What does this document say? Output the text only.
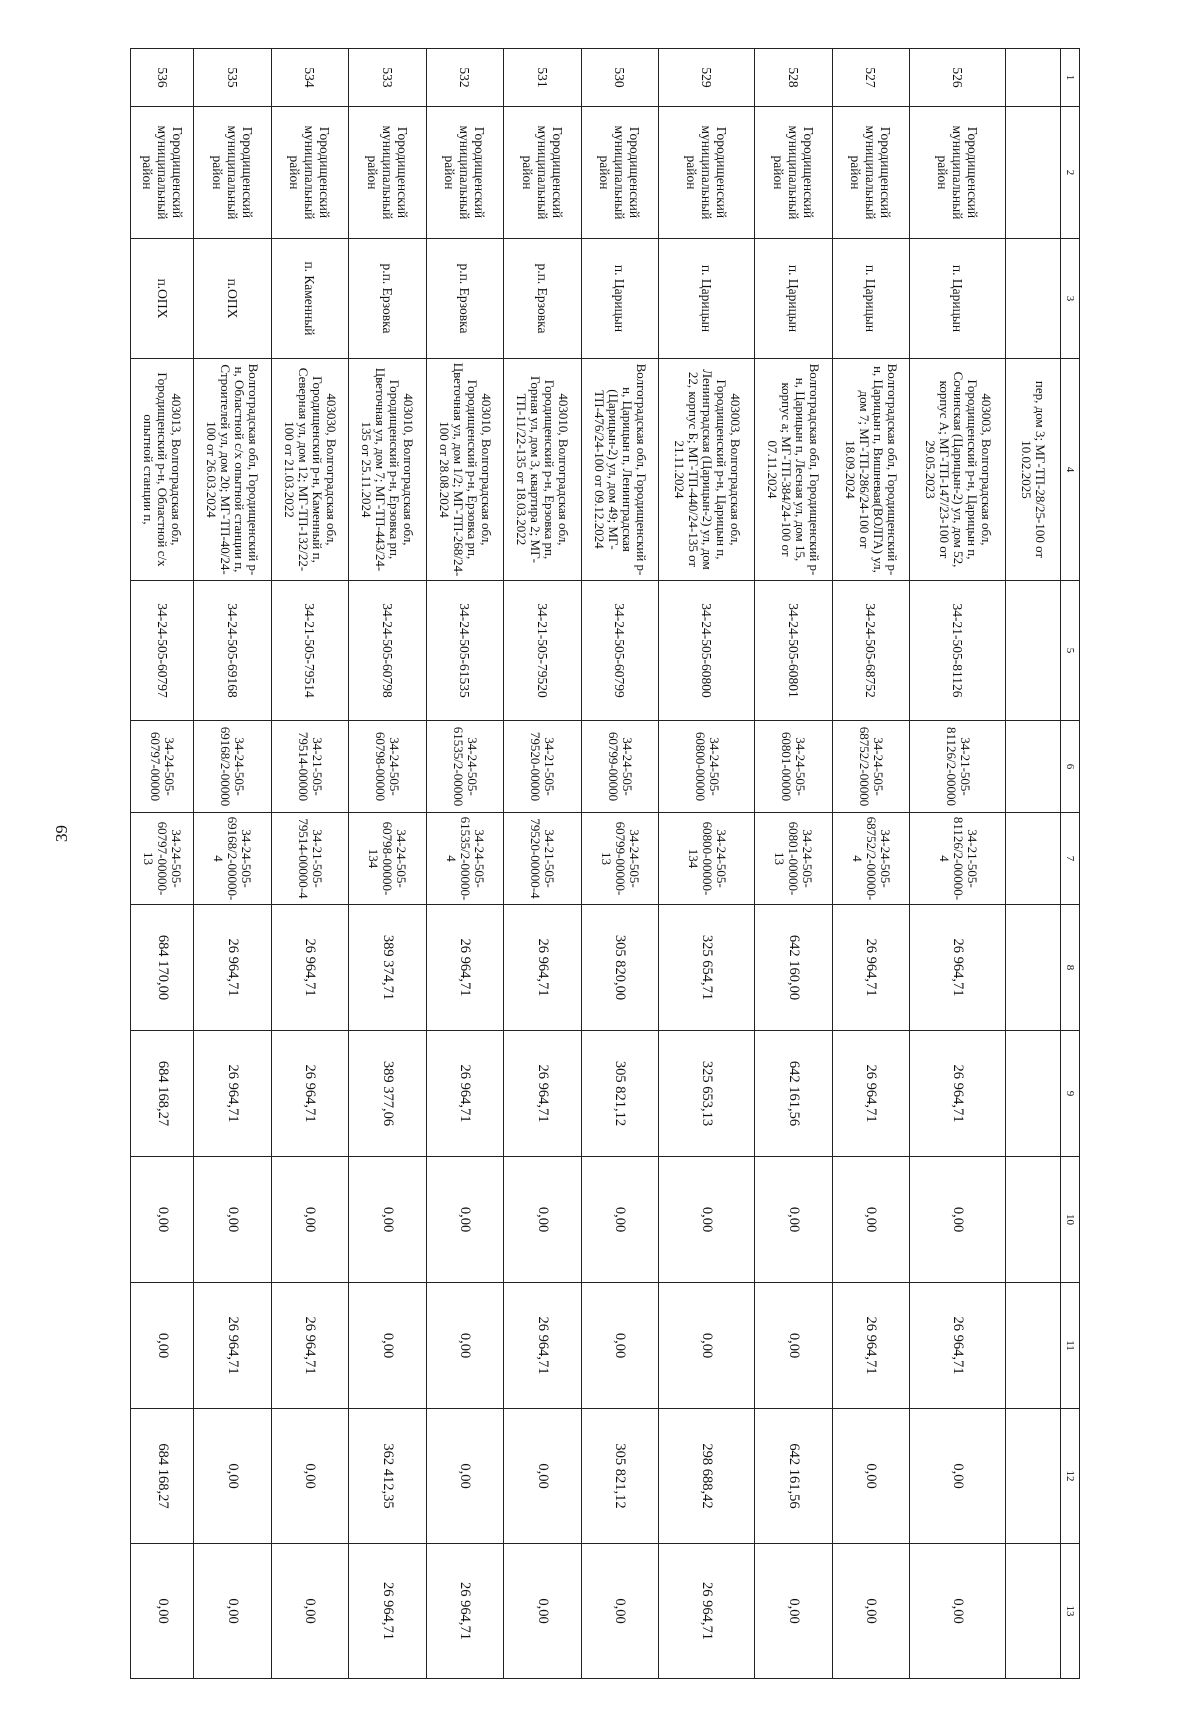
39
1	2	3	4	5	6	7	8	9	10	11	12	13
			пер, дом 3; МГ-ТП-28/25-100 от 10.02.2025									
526	Городищенский муниципальный район	п. Царицын	403003, Волгоградская обл, Городищенский р-н, Царицын п, Сочинская (Царицын-2) ул, дом 52, корпус А; МГ-ТП-147/23-100 от 29.05.2023	34-21-505-81126	34-21-505-81126/2-00000	34-21-505-81126/2-00000-4	26 964,71	26 964,71	0,00	26 964,71	0,00	0,00
527	Городищенский муниципальный район	п. Царицын	Волгоградская обл, Городищенский р-н, Царицын п, Вишневая(ВОЛГА) ул, дом 7; МГ-ТП-286/24-100 от 18.09.2024	34-24-505-68752	34-24-505-68752/2-00000	34-24-505-68752/2-00000-4	26 964,71	26 964,71	0,00	26 964,71	0,00	0,00
528	Городищенский муниципальный район	п. Царицын	Волгоградская обл, Городищенский р-н, Царицын п, Лесная ул, дом 15, корпус а; МГ-ТП-384/24-100 от 07.11.2024	34-24-505-60801	34-24-505-60801-00000	34-24-505-60801-00000-13	642 160,00	642 161,56	0,00	0,00	642 161,56	0,00
529	Городищенский муниципальный район	п. Царицын	403003, Волгоградская обл, Городищенский р-н, Царицын п, Ленинградская (Царицын-2) ул, дом 22, корпус Б; МГ-ТП-440/24-135 от 21.11.2024	34-24-505-60800	34-24-505-60800-00000	34-24-505-60800-00000-134	325 654,71	325 653,13	0,00	0,00	298 688,42	26 964,71
530	Городищенский муниципальный район	п. Царицын	Волгоградская обл, Городищенский р-н, Царицын п, Ленинградская (Царицын-2) ул, дом 49; МГ-ТП-476/24-100 от 09.12.2024	34-24-505-60799	34-24-505-60799-00000	34-24-505-60799-00000-13	305 820,00	305 821,12	0,00	0,00	305 821,12	0,00
531	Городищенский муниципальный район	р.п. Ерзовка	403010, Волгоградская обл, Городищенский р-н, Ерзовка рп, Горная ул, дом 3, квартира 2; МГ-ТП-11/22-135 от 18.03.2022	34-21-505-79520	34-21-505-79520-00000	34-21-505-79520-00000-4	26 964,71	26 964,71	0,00	26 964,71	0,00	0,00
532	Городищенский муниципальный район	р.п. Ерзовка	403010, Волгоградская обл, Городищенский р-н, Ерзовка рп, Цветочная ул, дом 1/2; МГ-ТП-268/24-100 от 28.08.2024	34-24-505-61535	34-24-505-61535/2-00000	34-24-505-61535/2-00000-4	26 964,71	26 964,71	0,00	0,00	0,00	26 964,71
533	Городищенский муниципальный район	р.п. Ерзовка	403010, Волгоградская обл, Городищенский р-н, Ерзовка рп, Цветочная ул, дом 7; МГ-ТП-443/24-135 от 25.11.2024	34-24-505-60798	34-24-505-60798-00000	34-24-505-60798-00000-134	389 374,71	389 377,06	0,00	0,00	362 412,35	26 964,71
534	Городищенский муниципальный район	п. Каменный	403030, Волгоградская обл, Городищенский р-н, Каменный п, Северная ул, дом 12; МГ-ТП-132/22-100 от 21.03.2022	34-21-505-79514	34-21-505-79514-00000	34-21-505-79514-00000-4	26 964,71	26 964,71	0,00	26 964,71	0,00	0,00
535	Городищенский муниципальный район	п.ОПХ	Волгоградская обл, Городищенский р-н, Областной с/х опытной станции п, Строителей ул, дом 20; МГ-ТП-40/24-100 от 26.03.2024	34-24-505-69168	34-24-505-69168/2-00000	34-24-505-69168/2-00000-4	26 964,71	26 964,71	0,00	26 964,71	0,00	0,00
536	Городищенский муниципальный район	п.ОПХ	403013, Волгоградская обл, Городищенский р-н, Областной с/х опытной станции п,	34-24-505-60797	34-24-505-60797-00000	34-24-505-60797-00000-13	684 170,00	684 168,27	0,00	0,00	684 168,27	0,00
